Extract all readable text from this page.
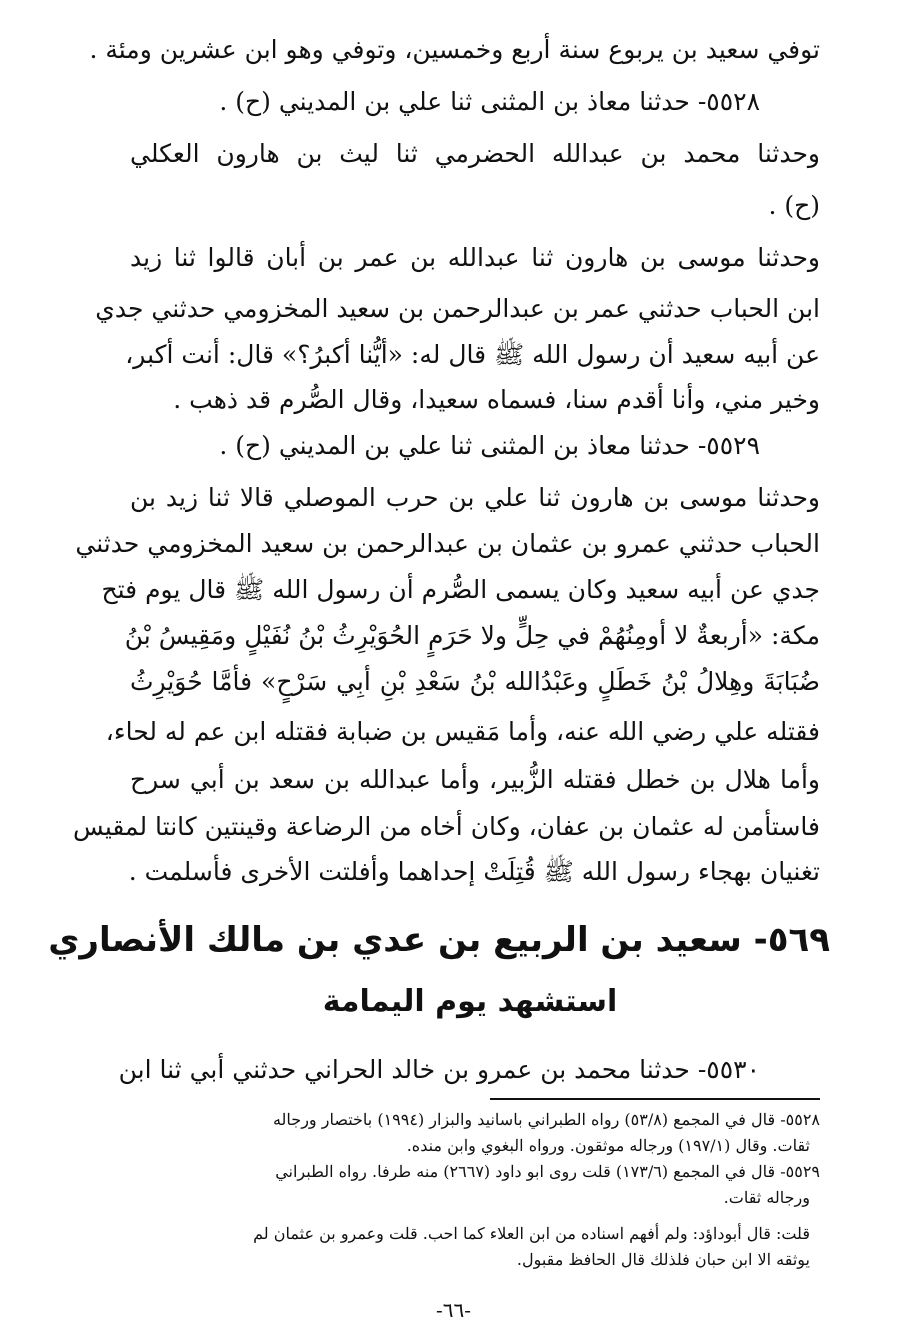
توفي سعيد بن يربوع سنة أربع وخمسين، وتوفي وهو ابن عشرين ومئة .
٥٥٢٨- حدثنا معاذ بن المثنى ثنا علي بن المديني (ح) .
وحدثنا محمد بن عبدالله الحضرمي ثنا ليث بن هارون العكلي
(ح) .
وحدثنا موسى بن هارون ثنا عبدالله بن عمر بن أبان قالوا ثنا زيد
ابن الحباب حدثني عمر بن عبدالرحمن بن سعيد المخزومي حدثني جدي
عن أبيه سعيد أن رسول الله ﷺ قال له: «أيُّنا أكبرُ؟» قال: أنت أكبر،
وخير مني، وأنا أقدم سنا، فسماه سعيدا، وقال الصُّرم قد ذهب .
٥٥٢٩- حدثنا معاذ بن المثنى ثنا علي بن المديني (ح) .
وحدثنا موسى بن هارون ثنا علي بن حرب الموصلي قالا ثنا زيد بن
الحباب حدثني عمرو بن عثمان بن عبدالرحمن بن سعيد المخزومي حدثني
جدي عن أبيه سعيد وكان يسمى الصُّرم أن رسول الله ﷺ قال يوم فتح
مكة: «أربعةٌ لا أومِنُهُمْ في حِلٍّ ولا حَرَمٍ الحُوَيْرِثُ بْنُ نُفَيْلٍ ومَقِيسُ بْنُ
ضُبَابَةَ وهِلالُ بْنُ خَطَلٍ وعَبْدُالله بْنُ سَعْدِ بْنِ أبِي سَرْحٍ» فأمَّا حُوَيْرِثُ
فقتله علي رضي الله عنه، وأما مَقيس بن ضبابة فقتله ابن عم له لحاء،
وأما هلال بن خطل فقتله الزُّبير، وأما عبدالله بن سعد بن أبي سرح
فاستأمن له عثمان بن عفان، وكان أخاه من الرضاعة وقينتين كانتا لمقيس
تغنيان بهجاء رسول الله ﷺ قُتِلَتْ إحداهما وأفلتت الأخرى فأسلمت .
٥٦٩- سعيد بن الربيع بن عدي بن مالك الأنصاري
استشهد يوم اليمامة
٥٥٣٠- حدثنا محمد بن عمرو بن خالد الحراني حدثني أبي ثنا ابن
٥٥٢٨- قال في المجمع (٥٣/٨) رواه الطبراني باسانيد والبزار (١٩٩٤) باختصار ورجاله
ثقات. وقال (١٩٧/١) ورجاله موثقون. ورواه البغوي وابن منده.
٥٥٢٩- قال في المجمع (١٧٣/٦) قلت روى ابو داود (٢٦٦٧) منه طرفا. رواه الطبراني
ورجاله ثقات.
قلت: قال أبوداؤد: ولم أفهم اسناده من ابن العلاء كما احب. قلت وعمرو بن عثمان لم
يوثقه الا ابن حبان فلذلك قال الحافظ مقبول.
-٦٦-
